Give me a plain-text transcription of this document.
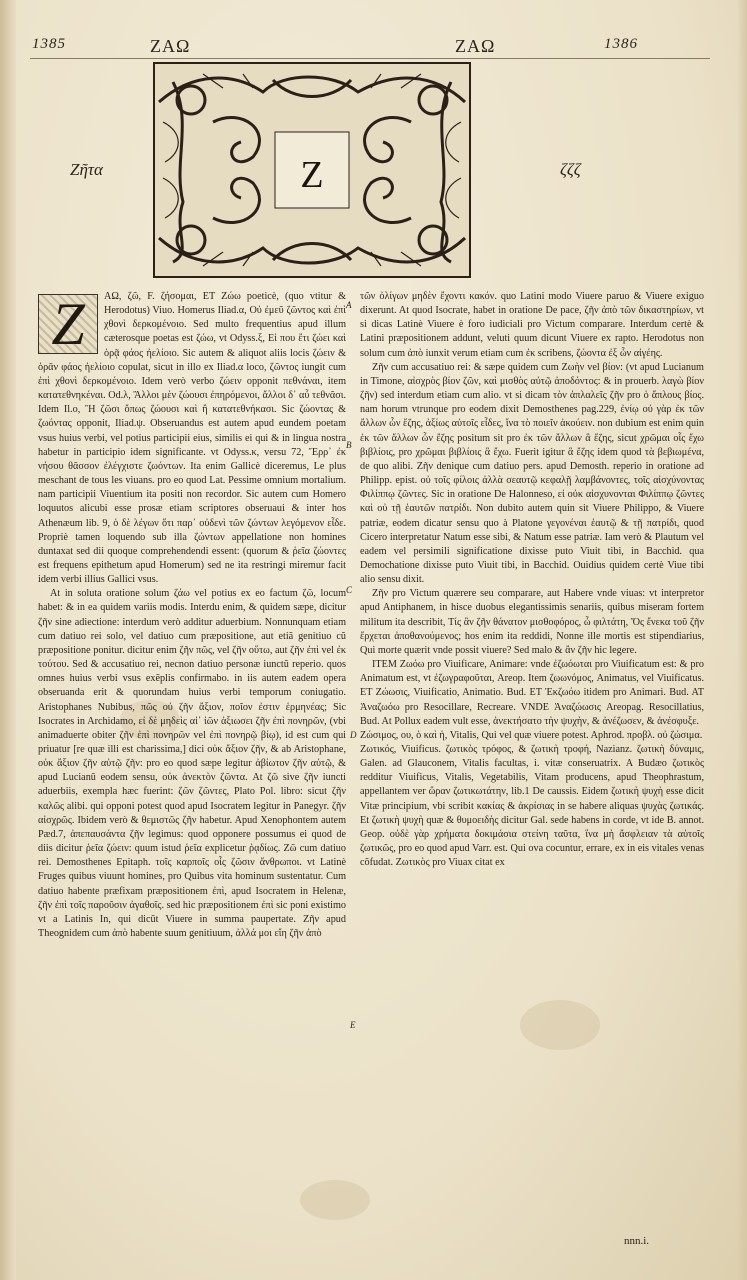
1385	ΖΑΩ	ΖΑΩ	1386
Z
Ζῆτα	ζζζ
Z	AΩ, ζῶ, F. ζήσομαι, ET Ζώω poeticè, (quo vtitur & Herodotus) Viuo. Homerus Iliad.α, Οὐ ἐμεῦ ζῶντος καὶ ἐπὶ χθονὶ δερκομένοιο. Sed multo frequentius apud illum cæterosque poetas est ζώω, vt Odyss.ξ, Εἰ που ἔτι ζώει καὶ ὁρᾷ φάος ἠελίοιο. Sic autem & aliquot aliis locis ζώειν & ὁρᾶν φάος ἠελίοιο copulat, sicut in illo ex Iliad.α loco, ζῶντος iungit cum ἐπὶ χθονὶ δερκομένοιο. Idem verò verbo ζώειν opponit πεθνάναι, item κατατεθνηκέναι. Od.λ, Ἄλλοι μὲν ζώουσι ἐπηρόμενοι, ἄλλοι δ᾽ αὖ τεθνᾶσι. Idem Il.ο, Ἢ ζῶσι ὄπως ζώουσι καὶ ἢ κατατεθνήκασι. Sic ζώοντας & ζωόντας opponit, Iliad.ψ. Obseruandus est autem apud eundem poetam vsus huius verbi, vel potius participii eius, similis ei qui & in lingua nostra habetur in participio idem significante. vt Odyss.κ, versu 72, Ἔρρ᾽ ἐκ νήσου θᾶσσον ἐλέγχιστε ζωόντων. Ita enim Gallicè diceremus, Le plus meschant de tous les viuans. pro eo quod Lat. Pessime omnium mortalium. nam participii Viuentium ita positi non recordor. Sic autem cum Homero loquutos alicubi esse prosæ etiam scriptores obseruaui & inter hos Athenæum lib. 9, ὁ δὲ λέγων ὅτι παρ᾽ οὐδενὶ τῶν ζώντων λεγόμενον εἶδε. Propriè tamen loquendo sub illa ζώντων appellatione non homines duntaxat sed dii quoque comprehendendi essent: (quorum & ῥεῖα ζώοντες est frequens epithetum apud Homerum) sed ne ita restringi miremur facit idem verbi illius Gallici vsus.

At in soluta oratione solum ζάω vel potius ex eo factum ζῶ, locum habet: & in ea quidem variis modis. Interdu enim, & quidem sæpe, dicitur ζῆν sine adiectione: interdum verò additur aduerbium. Nonnunquam etiam cum datiuo rei solo, vel datiuo cum præpositione, aut etiã genitiuo cũ præpositione ponitur. dicitur enim ζῆν πῶς, vel ζῆν οὕτω, aut ζῆν ἐπὶ vel ἐκ τούτου. Sed & accusatiuo rei, necnon datiuo personæ iunctũ reperio. quos omnes huius verbi vsus exẽplis confirmabo. in iis autem eadem opera obseruanda erit & quorundam huius verbi temporum coniugatio. Aristophanes Nubibus, πῶς οὐ ζῆν ἄξιον, ποῖον ἐστιν ἑρμηνέας; Sic Isocrates in Archidamo, εἰ δὲ μηδεὶς αἰ᾽ ἰῶν ἀξιωσει ζῆν ἐπὶ πονηρῶν, (vbi animaduerte obiter ζῆν ἐπὶ πονηρῶν vel ἐπὶ πονηρῷ βίῳ), id est cum qui priuatur [re quæ illi est charissima,] dici οὐκ ἄξιον ζῆν, & ab Aristophane, οὐκ ἄξιον ζῆν αὐτῷ ζῆν: pro eo quod sæpe legitur ἀβίωτον ζῆν αὐτῷ, & apud Lucianũ eodem sensu, οὐκ ἀνεκτὸν ζῶντα. At ζῶ sive ζῆν iuncti aduerbiis, exempla hæc fuerint: ζῶν ζῶντες, Plato Pol. libro: sicut ζῆν καλῶς alibi. qui opponi potest quod apud Isocratem legitur in Panegyr. ζῆν αἰσχρῶς. Ibidem verò & θεμιστῶς ζῆν habetur. Apud Xenophontem autem Pæd.7, ἀπεπαυσάντα ζῆν legimus: quod opponere possumus ei quod de diis dicitur ῥεῖα ζώειν: quum istud ῥεῖα explicetur ῥᾳδίως. Ζῶ cum datiuo rei. Demosthenes Epitaph. τοῖς καρποῖς οἷς ζῶσιν ἄνθρωποι. vt Latinè Fruges quibus viuunt homines, pro Quibus vita hominum sustentatur. Cum datiuo habente præfixam præpositionem ἐπὶ, apud Isocratem in Helenæ, ζῆν ἐπὶ τοῖς παροῦσιν ἀγαθοῖς. sed hic præpositionem ἐπὶ sic poni existimo vt a Latinis In, qui dicũt Viuere in summa paupertate. Ζῆν apud Theognidem cum ἀπὸ habente suum genitiuum, ἀλλά μοι εἴη ζῆν ἀπὸ

τῶν ὀλίγων μηδὲν ἔχοντι κακόν. quo Latini modo Viuere paruo & Viuere exiguo dixerunt. At quod Isocrate, habet in oratione De pace, ζῆν ἀπὸ τῶν δικαστηρίων, vt si dicas Latinè Viuere è foro iudiciali pro Victum comparare. Interdum certè & Latini præpositionem addunt, veluti quum dicunt Viuere ex rapto. Herodotus non solum cum ἀπὸ iunxit verum etiam cum ἐκ scribens, ζώοντα ἐξ ὧν αἰγέης.

Ζῆν cum accusatiuo rei: & sæpe quidem cum Ζωὴν vel βίον: (vt apud Lucianum in Timone, αἰσχρὸς βίον ζῶν, καὶ μισθὸς αὐτῷ ἀποδόντος: & in prouerb. λαγὼ βίον ζῆν) sed interdum etiam cum alio. vt si dicam τὸν ἀπλαλεῖς ζῆν pro ὁ ἄπλους βίος. nam horum vtrunque pro eodem dixit Demosthenes pag.229, ἐνίῳ οὐ γὰρ ἐκ τῶν ἄλλων ὧν ἔζης, ἀξίως αὐτοῖς εἶδες, ἵνα τὸ ποιεῖν ἀκούειν. non dubium est enim quin ἐκ τῶν ἄλλων ὧν ἔζης positum sit pro ἐκ τῶν ἄλλων ἃ ἔζης, sicut χρῶμαι οἷς ἔχω βιβλίοις, pro χρῶμαι βιβλίοις ἃ ἔχω. Fuerit igitur ἃ ἔζης idem quod τὰ βεβιωμένα, de quo alibi. Ζῆν denique cum datiuo pers. apud Demosth. reperio in oratione ad Philipp. epist. οὐ τοῖς φίλοις ἀλλὰ σεαυτῷ κεφαλῇ λαμβάνοντες, τοῖς αἰσχύνοντας Φιλίππῳ ζῶντες. Sic in oratione De Halonneso, εἰ οὐκ αἰσχυνονται Φιλίππῳ ζῶντες καὶ οὐ τῇ ἑαυτῶν πατρίδι. Non dubito autem quin sit Viuere Philippo, & Viuere patriæ, eodem dicatur sensu quo à Platone γεγονέναι ἑαυτῷ & τῇ πατρίδι, quod Cicero interpretatur Natum esse sibi, & Natum esse patriæ. Iam verò & Plautum vel eadem vel persimili significatione dixisse puto Viuit tibi, in Bacchid. qua Demochatione dixisse puto Viuit tibi, in Bacchid. Ouidius quidem certè Viue tibi alio sensu dixit.

Ζῆν pro Victum quærere seu comparare, aut Habere vnde viuas: vt interpretor apud Antiphanem, in hisce duobus elegantissimis senariis, quibus miseram fortem militum ita describit, Τίς ἂν ζῆν θάνατον μισθοφόρος, ὦ φιλτάτη, Ὅς ἕνεκα τοῦ ζῆν ἔρχεται ἀποθανούμενος; hos enim ita reddidi, Nonne ille mortis est stipendiarius, Qui morte quærit vnde possit viuere? Sed malo & ἂν ζῆν hic legere.

ITEM Ζωόω pro Viuificare, Animare: vnde ἐζωόωται pro Viuificatum est: & pro Animatum est, vt ἐζωγραφοῦται, Areop. Item ζωωνόμος, Animatus, vel Viuificatus. ET Ζώωσις, Viuificatio, Animatio. Bud. ET Ἐκζωόω itidem pro Animari. Bud. AT Ἀναζωόω pro Resocillare, Recreare. VNDE Ἀναζώωσις Areopag. Resocillatius, Bud. At Pollux eadem vult esse, ἀνεκτήσατο τὴν ψυχὴν, & ἀνέζωσεν, & ἀνέσφυξε.

Ζώσιμος, ου, ὁ καὶ ἡ, Vitalis, Qui vel quæ viuere potest. Aphrod. προβλ. οὐ ζώσιμα.

Ζωτικός, Viuificus. ζωτικὸς τρόφος, & ζωτικὴ τροφή, Nazianz. ζωτικὴ δύναμις, Galen. ad Glauconem, Vitalis facultas, i. vitæ conseruatrix. A Budæo ζωτικὸς redditur Viuificus, Vitalis, Vegetabilis, Vitam producens, apud Theophrastum, appellantem ver ὥραν ζωτικωτάτην, lib.1 De caussis. Eidem ζωτικὴ ψυχὴ esse dicit Vitæ principium, vbi scribit κακίας & ἀκρίσιας in se habere aliquas ψυχὰς ζωτικάς. Et ζωτικὴ ψυχὴ quæ & θυμοειδὴς dicitur Gal. sede habens in corde, vt ide B. annot. Geop. οὐδὲ γὰρ χρήματα δοκιμάσια στείνη ταῦτα, ἵνα μὴ ἄσφλειαν τὰ αὐτοῖς ζωτικῶς, pro eo quod apud Varr. est. Qui ova cocuntur, errare, ex in eis vitales venas cõfudat. Ζωτικὸς pro Viuax citat ex

A
B
C
D
E
nnn.i.
